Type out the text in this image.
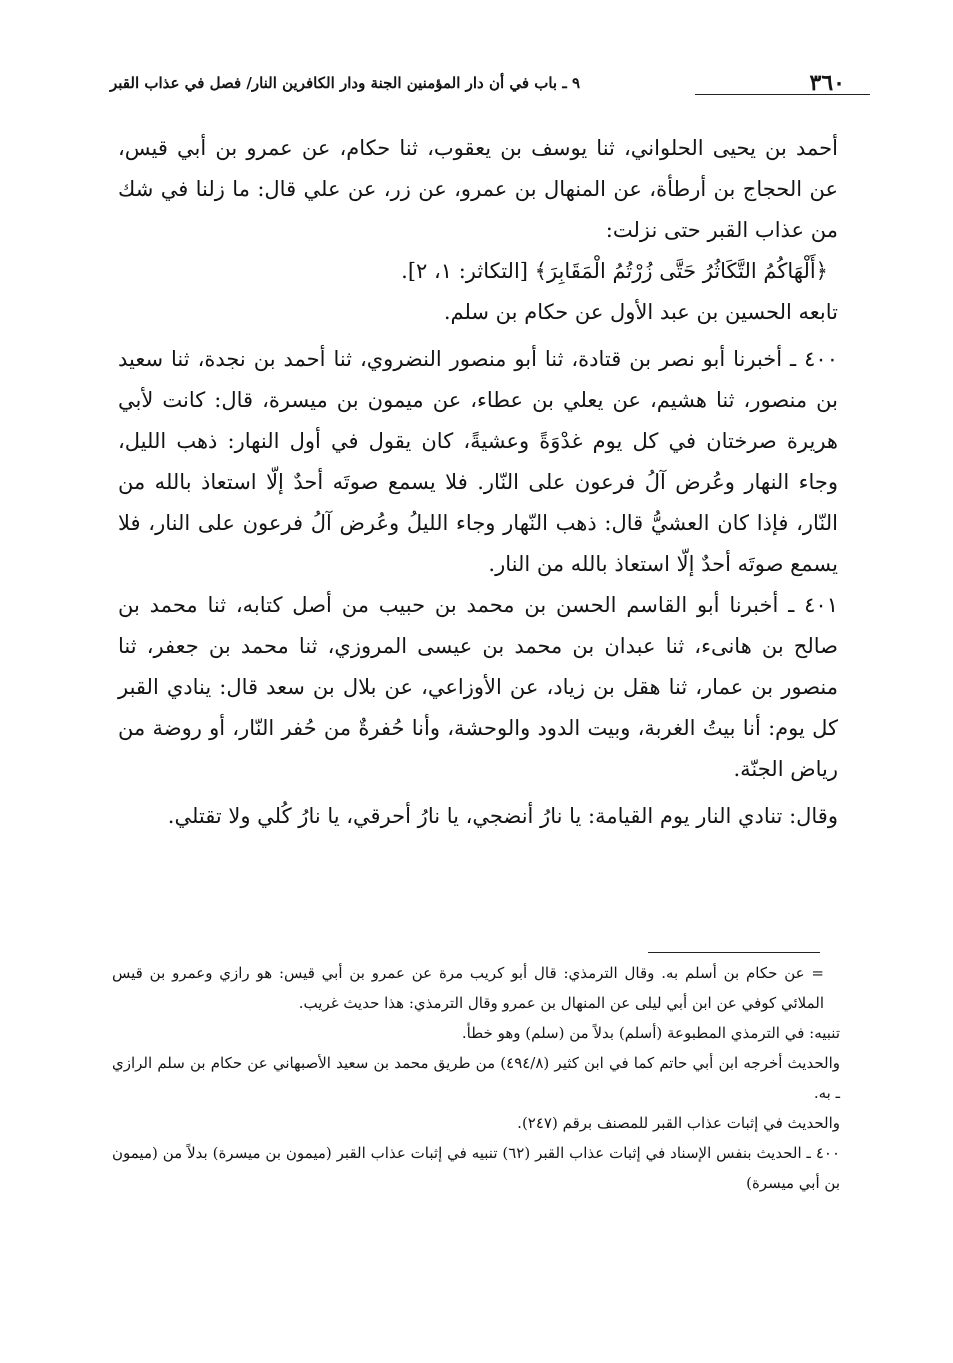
٣٦٠
٩ ـ باب في أن دار المؤمنين الجنة ودار الكافرين النار/ فصل في عذاب القبر

أحمد بن يحيى الحلواني، ثنا يوسف بن يعقوب، ثنا حكام، عن عمرو بن أبي قيس، عن الحجاج بن أرطأة، عن المنهال بن عمرو، عن زر، عن علي قال: ما زلنا في شك من عذاب القبر حتى نزلت:

﴿أَلْهَاكُمُ التَّكَاثُرُ حَتَّى زُرْتُمُ الْمَقَابِرَ﴾ [التكاثر: ١، ٢].

تابعه الحسين بن عبد الأول عن حكام بن سلم.

٤٠٠ ـ أخبرنا أبو نصر بن قتادة، ثنا أبو منصور النضروي، ثنا أحمد بن نجدة، ثنا سعيد بن منصور، ثنا هشيم، عن يعلي بن عطاء، عن ميمون بن ميسرة، قال: كانت لأبي هريرة صرختان في كل يوم غدْوَةً وعشيةً، كان يقول في أول النهار: ذهب الليل، وجاء النهار وعُرض آلُ فرعون على النّار. فلا يسمع صوتَه أحدٌ إلّا استعاذ بالله من النّار، فإذا كان العشيُّ قال: ذهب النّهار وجاء الليلُ وعُرض آلُ فرعون على النار، فلا يسمع صوتَه أحدٌ إلّا استعاذ بالله من النار.

٤٠١ ـ أخبرنا أبو القاسم الحسن بن محمد بن حبيب من أصل كتابه، ثنا محمد بن صالح بن هانىء، ثنا عبدان بن محمد بن عيسى المروزي، ثنا محمد بن جعفر، ثنا منصور بن عمار، ثنا هقل بن زياد، عن الأوزاعي، عن بلال بن سعد قال: ينادي القبر كل يوم: أنا بيتُ الغربة، وبيت الدود والوحشة، وأنا حُفرةٌ من حُفر النّار، أو روضة من رياض الجنّة.

وقال: تنادي النار يوم القيامة: يا نارُ أنضجي، يا نارُ أحرقي، يا نارُ كُلي ولا تقتلي.

= عن حكام بن أسلم به. وقال الترمذي: قال أبو كريب مرة عن عمرو بن أبي قيس: هو رازي وعمرو بن قيس الملائي كوفي عن ابن أبي ليلى عن المنهال بن عمرو وقال الترمذي: هذا حديث غريب.

تنبيه: في الترمذي المطبوعة (أسلم) بدلاً من (سلم) وهو خطأ.

والحديث أخرجه ابن أبي حاتم كما في ابن كثير (٤٩٤/٨) من طريق محمد بن سعيد الأصبهاني عن حكام بن سلم الرازي ـ به.

والحديث في إثبات عذاب القبر للمصنف برقم (٢٤٧).

٤٠٠ ـ الحديث بنفس الإسناد في إثبات عذاب القبر (٦٢) تنبيه في إثبات عذاب القبر (ميمون بن ميسرة) بدلاً من (ميمون بن أبي ميسرة)
